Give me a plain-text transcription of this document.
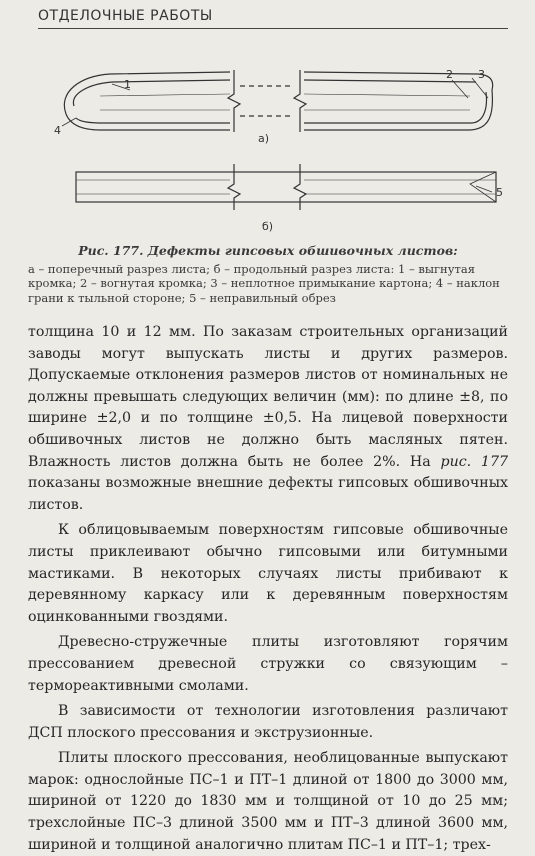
ОТДЕЛОЧНЫЕ РАБОТЫ
1
2 3
4
а)
5
б)
Рис. 177. Дефекты гипсовых обшивочных листов:
а – поперечный разрез листа; б – продольный разрез листа: 1 – выгнутая кромка; 2 – вогнутая кромка; 3 – неплотное примыкание картона; 4 – наклон грани к тыльной стороне; 5 – неправильный обрез

толщина 10 и 12 мм. По заказам строительных организаций заводы могут выпускать листы и других размеров. Допускаемые отклонения размеров листов от номинальных не должны превышать следующих величин (мм): по длине ±8, по ширине ±2,0 и по толщине ±0,5. На лицевой поверхности обшивочных листов не должно быть масляных пятен. Влажность листов должна быть не более 2%. На рис. 177 показаны возможные внешние дефекты гипсовых обшивочных листов.

К облицовываемым поверхностям гипсовые обшивочные листы приклеивают обычно гипсовыми или битумными мастиками. В некоторых случаях листы прибивают к деревянному каркасу или к деревянным поверхностям оцинкованными гвоздями.

Древесно-стружечные плиты изготовляют горячим прессованием древесной стружки со связующим – термореактивными смолами.

В зависимости от технологии изготовления различают ДСП плоского прессования и экструзионные.

Плиты плоского прессования, необлицованные выпускают марок: однослойные ПС–1 и ПТ–1 длиной от 1800 до 3000 мм, шириной от 1220 до 1830 мм и толщиной от 10 до 25 мм; трехслойные ПС–3 длиной 3500 мм и ПТ–3 длиной 3600 мм, шириной и толщиной аналогично плитам ПС–1 и ПТ–1; трех-
